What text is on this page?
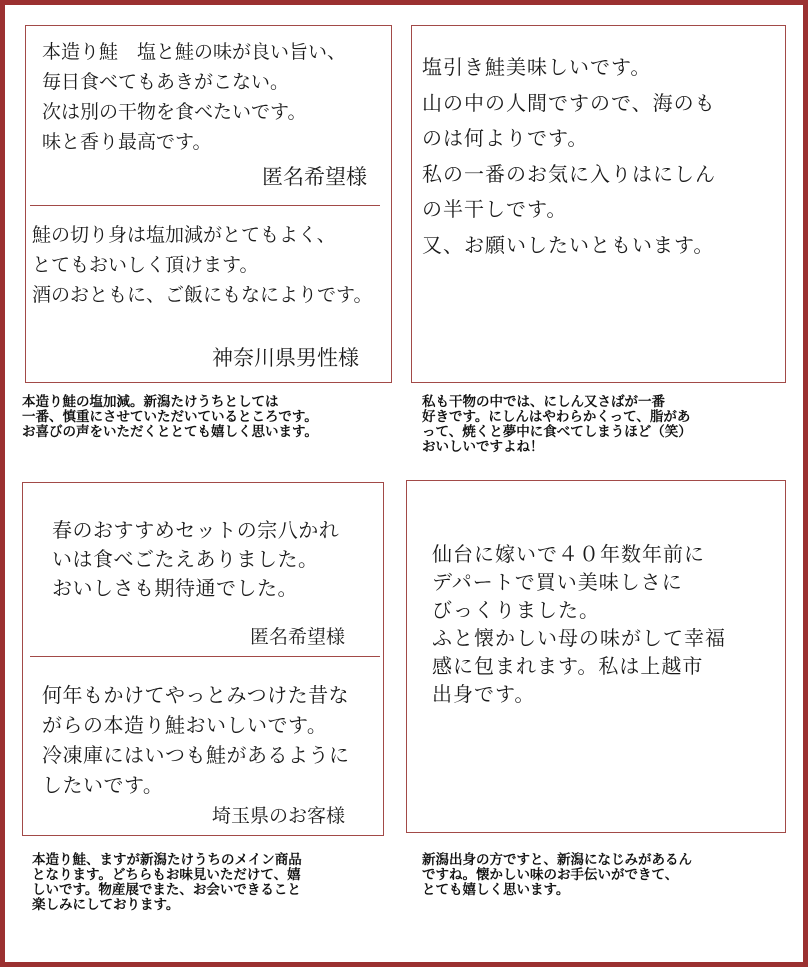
本造り鮭　塩と鮭の味が良い旨い、
毎日食べてもあきがこない。
次は別の干物を食べたいです。
味と香り最高です。
匿名希望様
鮭の切り身は塩加減がとてもよく、
とてもおいしく頂けます。
酒のおともに、ご飯にもなによりです。
神奈川県男性様
本造り鮭の塩加減。新潟たけうちとしては
一番、慎重にさせていただいているところです。
お喜びの声をいただくととても嬉しく思います。
塩引き鮭美味しいです。
山の中の人間ですので、海のも
のは何よりです。
私の一番のお気に入りはにしん
の半干しです。
又、お願いしたいともいます。
私も干物の中では、にしん又さばが一番
好きです。にしんはやわらかくって、脂があ
って、焼くと夢中に食べてしまうほど（笑）
おいしいですよね！
春のおすすめセットの宗八かれ
いは食べごたえありました。
おいしさも期待通でした。
匿名希望様
何年もかけてやっとみつけた昔な
がらの本造り鮭おいしいです。
冷凍庫にはいつも鮭があるように
したいです。
埼玉県のお客様
本造り鮭、ますが新潟たけうちのメイン商品
となります。どちらもお味見いただけて、嬉
しいです。物産展でまた、お会いできること
楽しみにしております。
仙台に嫁いで４０年数年前に
デパートで買い美味しさに
びっくりました。
ふと懐かしい母の味がして幸福
感に包まれます。私は上越市
出身です。
新潟出身の方ですと、新潟になじみがあるん
ですね。懐かしい味のお手伝いができて、
とても嬉しく思います。
